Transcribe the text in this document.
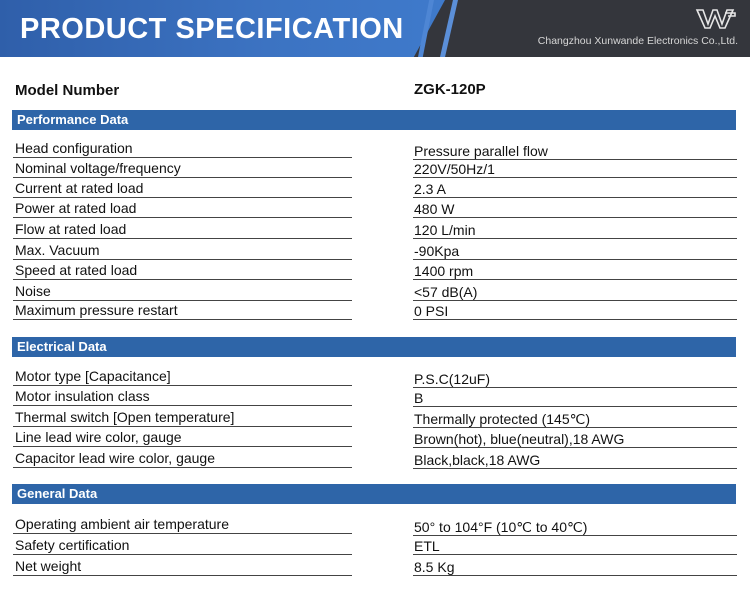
PRODUCT SPECIFICATION	Changzhou Xunwande Electronics Co.,Ltd.
Model Number	ZGK-120P
Performance Data
Head configuration	Pressure parallel flow
Nominal voltage/frequency	220V/50Hz/1
Current at rated load	2.3 A
Power at rated load	480 W
Flow at rated load	120 L/min
Max. Vacuum	-90Kpa
Speed at rated load	1400 rpm
Noise	<57 dB(A)
Maximum pressure restart	0 PSI
Electrical Data
Motor type [Capacitance]	P.S.C(12uF)
Motor insulation class	B
Thermal switch [Open temperature]	Thermally protected (145℃)
Line lead wire color, gauge	Brown(hot), blue(neutral),18 AWG
Capacitor lead wire color, gauge	Black,black,18 AWG
General Data
Operating ambient air temperature	50° to 104°F (10℃ to 40℃)
Safety certification	ETL
Net weight	8.5 Kg
